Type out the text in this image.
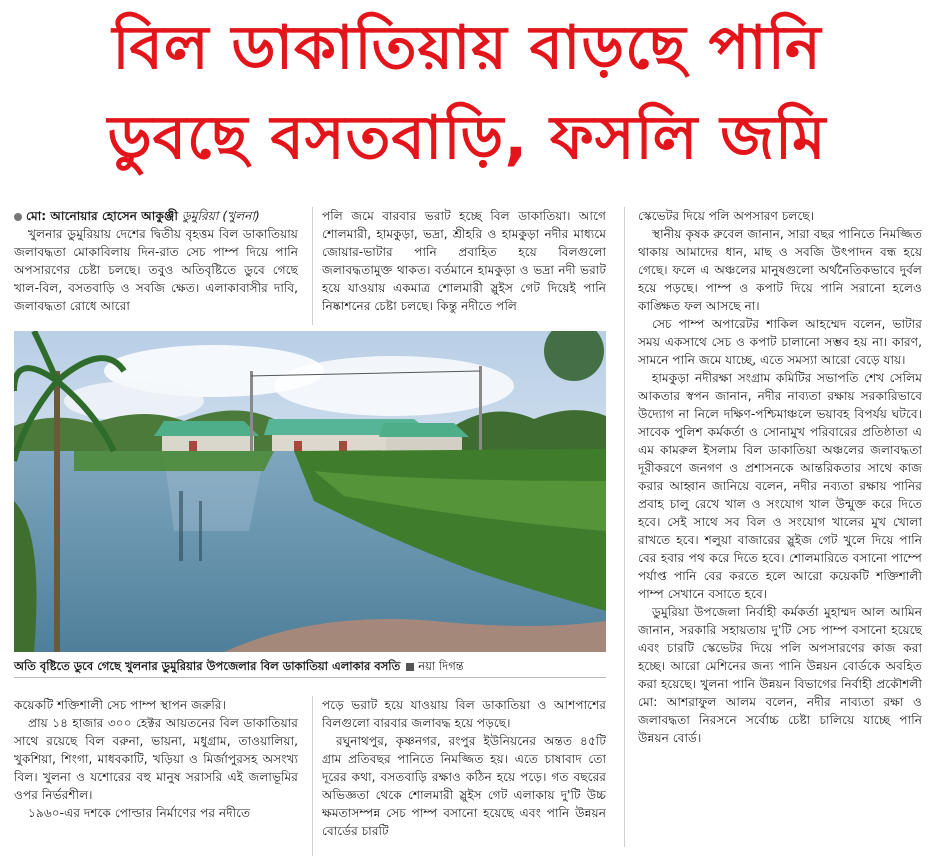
বিল ডাকাতিয়ায় বাড়ছে পানি
ডুবছে বসতবাড়ি, ফসলি জমি

মো: আনোয়ার হোসেন আকুঞ্জী ডুমুরিয়া (খুলনা)

খুলনার ডুমুরিয়ায় দেশের দ্বিতীয় বৃহত্তম বিল ডাকাতিয়ায় জলাবদ্ধতা মোকাবিলায় দিন-রাত সেচ পাম্প দিয়ে পানি অপসারণের চেষ্টা চলছে। তবুও অতিবৃষ্টিতে ডুবে গেছে খাল-বিল, বসতবাড়ি ও সবজি ক্ষেত। এলাকাবাসীর দাবি, জলাবদ্ধতা রোধে আরো

পলি জমে বারবার ভরাট হচ্ছে বিল ডাকাতিয়া। আগে শোলমারী, হামকুড়া, ভদ্রা, শ্রীহরি ও হামকুড়া নদীর মাধ্যমে জোয়ার-ভাটার পানি প্রবাহিত হয়ে বিলগুলো জলাবদ্ধতামুক্ত থাকত। বর্তমানে হামকুড়া ও ভদ্রা নদী ভরাট হয়ে যাওয়ায় একমাত্র শোলমারী স্লুইস গেট দিয়েই পানি নিষ্কাশনের চেষ্টা চলছে। কিন্তু নদীতে পলি

স্কেভেটর দিয়ে পলি অপসারণ চলছে।

স্থানীয় কৃষক রুবেল জানান, সারা বছর পানিতে নিমজ্জিত থাকায় আমাদের ধান, মাছ ও সবজি উৎপাদন বন্ধ হয়ে গেছে। ফলে এ অঞ্চলের মানুষগুলো অর্থনৈতিকভাবে দুর্বল হয়ে পড়ছে। পাম্প ও কপাট দিয়ে পানি সরানো হলেও কাঙ্ক্ষিত ফল আসছে না।

সেচ পাম্প অপারেটর শাকিল আহম্মেদ বলেন, ভাটার সময় একসাথে সেচ ও কপাট চালানো সম্ভব হয় না। কারণ, সামনে পানি জমে যাচ্ছে, এতে সমস্যা আরো বেড়ে যায়।

হামকুড়া নদীরক্ষা সংগ্রাম কমিটির সভাপতি শেখ সেলিম আকতার স্বপন জানান, নদীর নাব্যতা রক্ষায় সরকারিভাবে উদ্যোগ না নিলে দক্ষিণ-পশ্চিমাঞ্চলে ভয়াবহ বিপর্যয় ঘটবে। সাবেক পুলিশ কর্মকর্তা ও সোনামুখ পরিবারের প্রতিষ্ঠাতা এ এম কামরুল ইসলাম বিল ডাকাতিয়া অঞ্চলের জলাবদ্ধতা দূরীকরণে জনগণ ও প্রশাসনকে আন্তরিকতার সাথে কাজ করার আহ্বান জানিয়ে বলেন, নদীর নব্যতা রক্ষায় পানির প্রবাহ চালু রেখে খাল ও সংযোগ খাল উন্মুক্ত করে দিতে হবে। সেই সাথে সব বিল ও সংযোগ খালের মুখ খোলা রাখতে হবে। শলুয়া বাজারের স্লুইজ গেট খুলে দিয়ে পানি বের হবার পথ করে দিতে হবে। শোলমারিতে বসানো পাম্পে পর্যাপ্ত পানি বের করতে হলে আরো কয়েকটি শক্তিশালী পাম্প সেখানে বসাতে হবে।

ডুমুরিয়া উপজেলা নির্বাহী কর্মকর্তা মুহাম্মদ আল আমিন জানান, সরকারি সহায়তায় দু'টি সেচ পাম্প বসানো হয়েছে এবং চারটি স্কেভেটর দিয়ে পলি অপসারণের কাজ করা হচ্ছে। আরো মেশিনের জন্য পানি উন্নয়ন বোর্ডকে অবহিত করা হয়েছে। খুলনা পানি উন্নয়ন বিভাগের নির্বাহী প্রকৌশলী মো: আশরাফুল আলম বলেন, নদীর নাব্যতা রক্ষা ও জলাবদ্ধতা নিরসনে সর্বোচ্চ চেষ্টা চালিয়ে যাচ্ছে পানি উন্নয়ন বোর্ড।

অতি বৃষ্টিতে ডুবে গেছে খুলনার ডুমুরিয়ার উপজেলার বিল ডাকাতিয়া এলাকার বসতি নয়া দিগন্ত

কয়েকটি শক্তিশালী সেচ পাম্প স্থাপন জরুরি।

প্রায় ১৪ হাজার ৩০০ হেক্টর আয়তনের বিল ডাকাতিয়ার সাথে রয়েছে বিল বরুনা, ভায়না, মধুগ্রাম, তাওয়ালিয়া, খুকশিয়া, শিংগা, মাধবকাটি, খড়িয়া ও মির্জাপুরসহ অসংখ্য বিল। খুলনা ও যশোরের বহু মানুষ সরাসরি এই জলাভূমির ওপর নির্ভরশীল।

১৯৬০-এর দশকে পোল্ডার নির্মাণের পর নদীতে

পড়ে ভরাট হয়ে যাওয়ায় বিল ডাকাতিয়া ও আশপাশের বিলগুলো বারবার জলাবদ্ধ হয়ে পড়ছে।

রঘুনাথপুর, কৃষ্ণনগর, রংপুর ইউনিয়নের অন্তত ৪৫টি গ্রাম প্রতিবছর পানিতে নিমজ্জিত হয়। এতে চাষাবাদ তো দূরের কথা, বসতবাড়ি রক্ষাও কঠিন হয়ে পড়ে। গত বছরের অভিজ্ঞতা থেকে শোলমারী স্লুইস গেট এলাকায় দু'টি উচ্চ ক্ষমতাসম্পন্ন সেচ পাম্প বসানো হয়েছে এবং পানি উন্নয়ন বোর্ডের চারটি
